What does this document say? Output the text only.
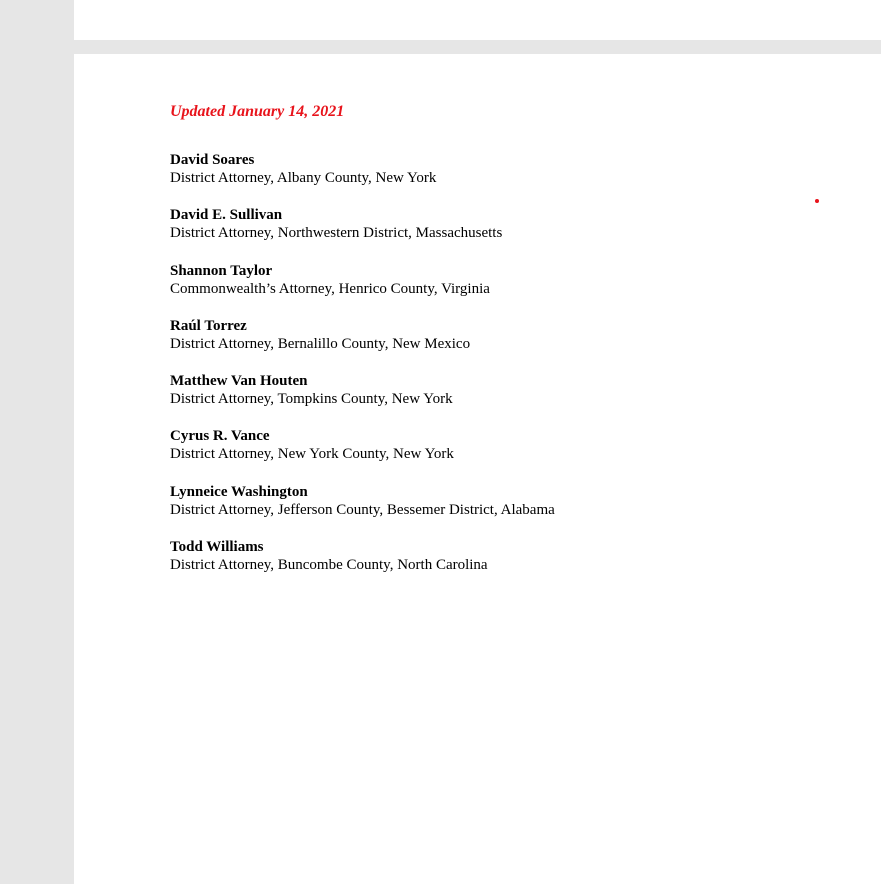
Updated January 14, 2021

David Soares
District Attorney, Albany County, New York
David E. Sullivan
District Attorney, Northwestern District, Massachusetts
Shannon Taylor
Commonwealth’s Attorney, Henrico County, Virginia
Raúl Torrez
District Attorney, Bernalillo County, New Mexico
Matthew Van Houten
District Attorney, Tompkins County, New York
Cyrus R. Vance
District Attorney, New York County, New York
Lynneice Washington
District Attorney, Jefferson County, Bessemer District, Alabama
Todd Williams
District Attorney, Buncombe County, North Carolina
